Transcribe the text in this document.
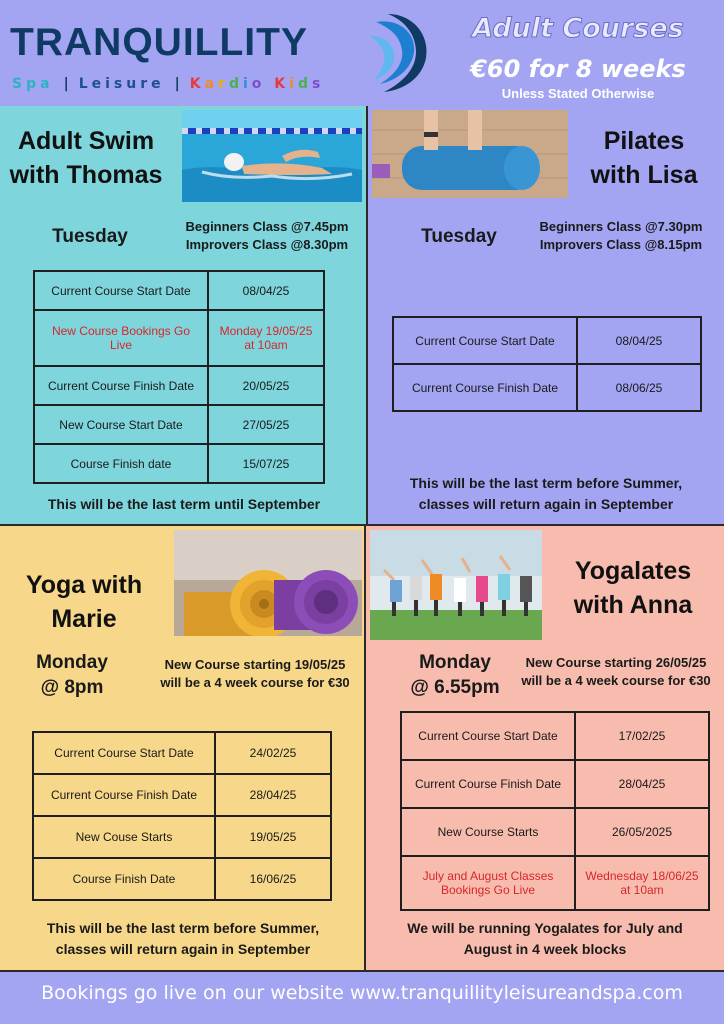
TRANQUILLITY
Spa | Leisure | Kardio Kids
Adult Courses
€60 for 8 weeks
Unless Stated Otherwise
Adult Swim
with Thomas
Tuesday	Beginners Class @7.45pm
Improvers Class @8.30pm
Current Course Start Date	08/04/25
New Course Bookings Go Live	Monday 19/05/25 at 10am
Current Course Finish Date	20/05/25
New Course Start Date	27/05/25
Course Finish date	15/07/25
This will be the last term until September
Pilates
with Lisa
Tuesday	Beginners Class @7.30pm
Improvers Class @8.15pm
Current Course Start Date	08/04/25
Current Course Finish Date	08/06/25
This will be the last term before Summer,
classes will return again in September
Yoga with
Marie
Monday
@ 8pm
New Course starting 19/05/25
will be a 4 week course for €30
Current Course Start Date	24/02/25
Current Course Finish Date	28/04/25
New Couse Starts	19/05/25
Course Finish Date	16/06/25
This will be the last term before Summer,
classes will return again in September
Yogalates
with Anna
Monday
@ 6.55pm
New Course starting 26/05/25
will be a 4 week course for €30
Current Course Start Date	17/02/25
Current Course Finish Date	28/04/25
New Course Starts	26/05/2025
July and August Classes Bookings Go Live	Wednesday 18/06/25 at 10am
We will be running Yogalates for July and
August in 4 week blocks
Bookings go live on our website www.tranquillityleisureandspa.com
